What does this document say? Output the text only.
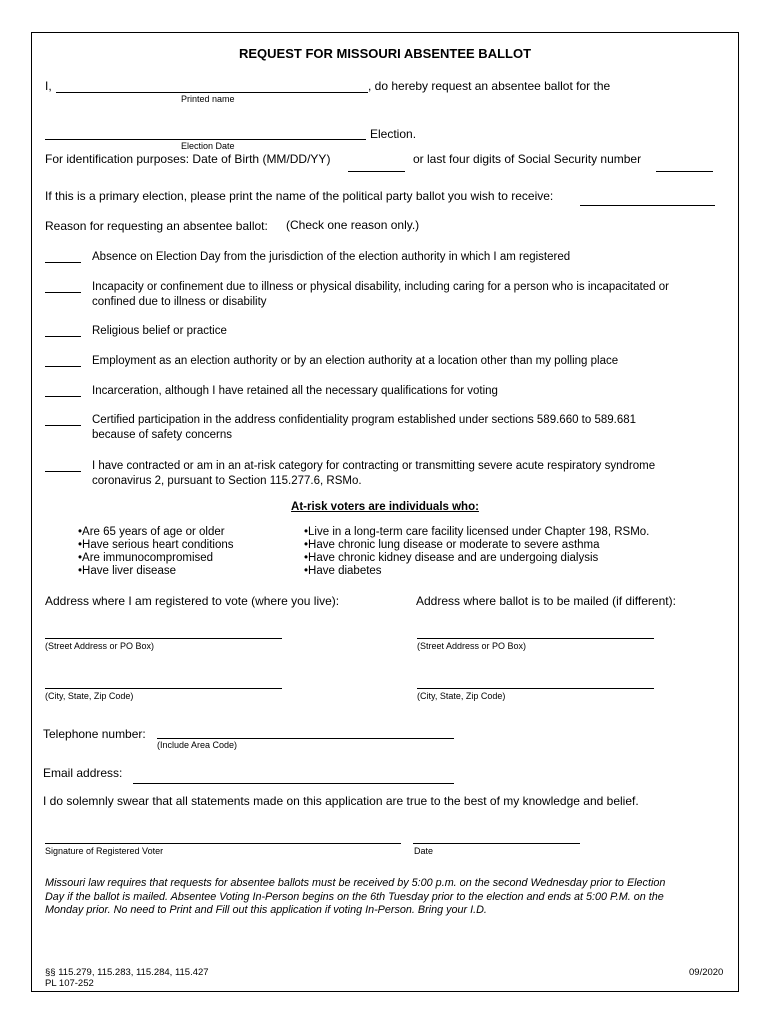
REQUEST FOR MISSOURI ABSENTEE BALLOT
I,	, do hereby request an absentee ballot for the
Printed name
Election.
Election Date
For identification purposes: Date of Birth (MM/DD/YY)	or last four digits of Social Security number
If this is a primary election, please print the name of the political party ballot you wish to receive:
Reason for requesting an absentee ballot: (Check one reason only.)
Absence on Election Day from the jurisdiction of the election authority in which I am registered
Incapacity or confinement due to illness or physical disability, including caring for a person who is incapacitated or
confined due to illness or disability
Religious belief or practice
Employment as an election authority or by an election authority at a location other than my polling place
Incarceration, although I have retained all the necessary qualifications for voting
Certified participation in the address confidentiality program established under sections 589.660 to 589.681
because of safety concerns
I have contracted or am in an at-risk category for contracting or transmitting severe acute respiratory syndrome
coronavirus 2, pursuant to Section 115.277.6, RSMo.
At-risk voters are individuals who:
• Are 65 years of age or older
• Have serious heart conditions
• Are immunocompromised
• Have liver disease
• Live in a long-term care facility licensed under Chapter 198, RSMo.
• Have chronic lung disease or moderate to severe asthma
• Have chronic kidney disease and are undergoing dialysis
• Have diabetes
Address where I am registered to vote (where you live):	Address where ballot is to be mailed (if different):
(Street Address or PO Box)	(Street Address or PO Box)
(City, State, Zip Code)	(City, State, Zip Code)
Telephone number:
(Include Area Code)
Email address:
I do solemnly swear that all statements made on this application are true to the best of my knowledge and belief.
Signature of Registered Voter	Date
Missouri law requires that requests for absentee ballots must be received by 5:00 p.m. on the second Wednesday prior to Election
Day if the ballot is mailed. Absentee Voting In-Person begins on the 6th Tuesday prior to the election and ends at 5:00 P.M. on the
Monday prior. No need to Print and Fill out this application if voting In-Person. Bring your I.D.
§§ 115.279, 115.283, 115.284, 115.427
PL 107-252
09/2020
